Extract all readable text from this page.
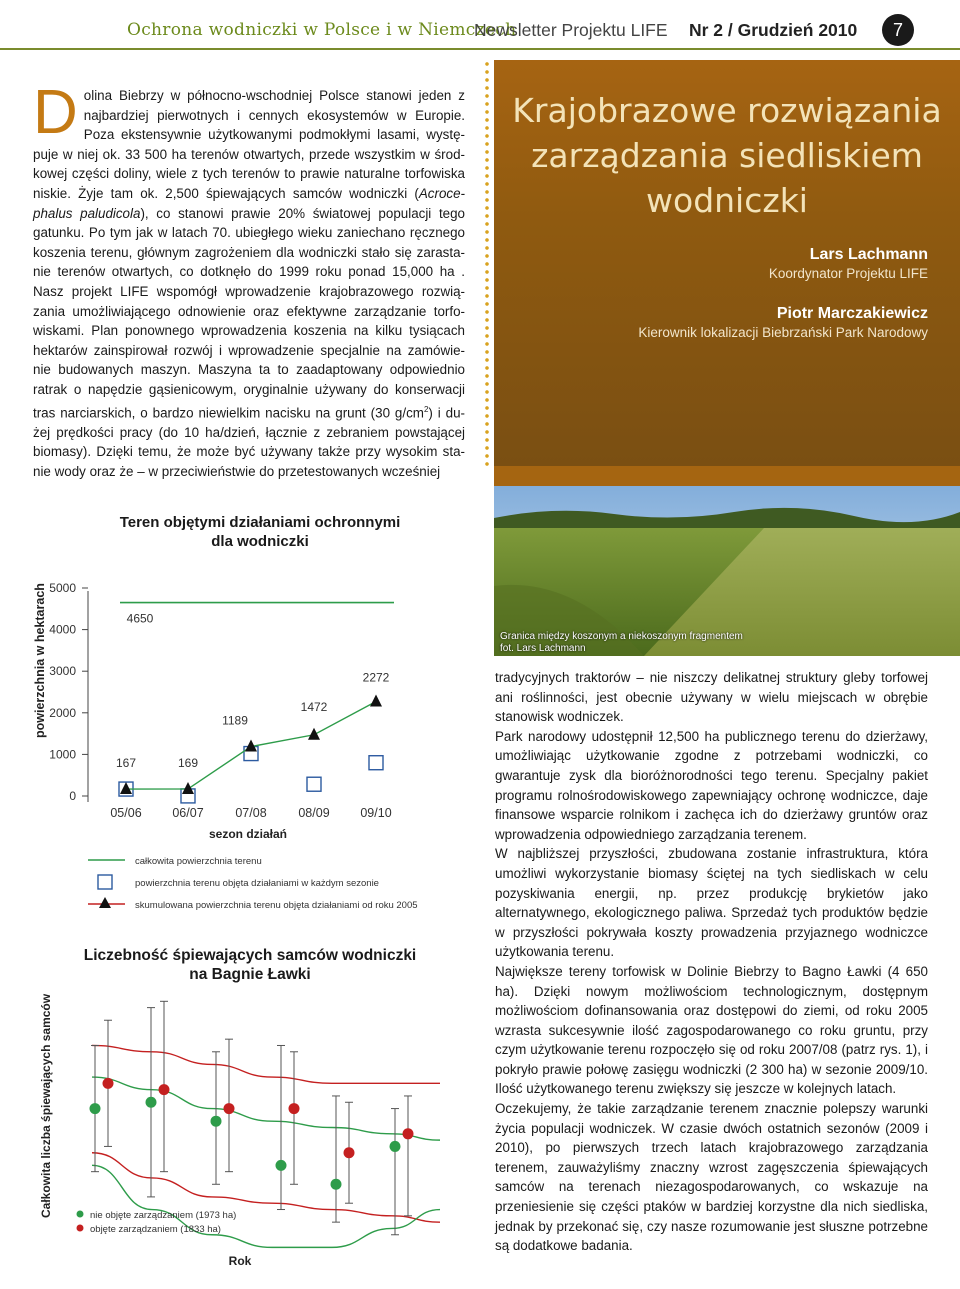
Ochrona wodniczki w Polsce i w Niemczech
Newsletter Projektu LIFE Nr 2 / Grudzień 2010	7
D olina Biebrzy w północno-wschodniej Polsce stanowi jeden z najbardziej pierwotnych i cennych ekosystemów w Europie. Poza ekstensywnie użytkowanymi podmokłymi lasami, wystę- puje w niej ok. 33 500 ha terenów otwartych, przede wszystkim w środ- kowej części doliny, wiele z tych terenów to prawie naturalne torfowiska niskie. Żyje tam ok. 2,500 śpiewających samców wodniczki (Acroce- phalus paludicola), co stanowi prawie 20% światowej populacji tego gatunku. Po tym jak w latach 70. ubiegłego wieku zaniechano ręcznego koszenia terenu, głównym zagrożeniem dla wodniczki stało się zarasta- nie terenów otwartych, co dotknęło do 1999 roku ponad 15,000 ha . Nasz projekt LIFE wspomógł wprowadzenie krajobrazowego rozwią- zania umożliwiającego odnowienie oraz efektywne zarządzanie torfo- wiskami. Plan ponownego wprowadzenia koszenia na kilku tysiącach hektarów zainspirował rozwój i wprowadzenie specjalnie na zamówie- nie budowanych maszyn. Maszyna ta to zaadaptowany odpowiednio ratrak o napędzie gąsienicowym, oryginalnie używany do konserwacji tras narciarskich, o bardzo niewielkim nacisku na grunt (30 $g/cm^2$) i du- żej prędkości pracy (do 10 ha/dzień, łącznie z zebraniem powstającej biomasy). Dzięki temu, że może być używany także przy wysokim sta- nie wody oraz że – w przeciwieństwie do przetestowanych wcześniej
Krajobrazowe rozwiązania
zarządzania siedliskiem
wodniczki
Lars Lachmann
Koordynator Projektu LIFE
Piotr Marczakiewicz
Kierownik lokalizacji Biebrzański Park Narodowy
Granica między koszonym a niekoszonym fragmentem
fot. Lars Lachmann

tradycyjnych traktorów – nie niszczy delikatnej struktury gleby torfowej ani roślinności, jest obecnie używany w wielu miejscach w obrębie stanowisk wodniczek.

Park narodowy udostępnił 12,500 ha publicznego terenu do dzierżawy, umożliwiając użytkowanie zgodne z potrzebami wodniczki, co gwarantuje zysk dla bioróżnorodności tego terenu. Specjalny pakiet programu rolnośrodowiskowego zapewniający ochronę wodniczce, daje finansowe wsparcie rolnikom i zachęca ich do dzierżawy gruntów oraz wprowadzenia odpowiedniego zarządzania terenem.

W najbliższej przyszłości, zbudowana zostanie infrastruktura, która umożliwi wykorzystanie biomasy ściętej na tych siedliskach w celu pozyskiwania energii, np. przez produkcję brykietów jako alternatywnego, ekologicznego paliwa. Sprzedaż tych produktów będzie w przyszłości pokrywała koszty prowadzenia przyjaznego wodniczce użytkowania terenu.

Największe tereny torfowisk w Dolinie Biebrzy to Bagno Ławki (4 650 ha). Dzięki nowym możliwościom technologicznym, dostępnym możliwościom dofinansowania oraz dostępowi do ziemi, od roku 2005 wzrasta sukcesywnie ilość zagospodarowanego co roku gruntu, przy czym użytkowanie terenu rozpoczęło się od roku 2007/08 (patrz rys. 1), i pokryło prawie połowę zasięgu wodniczki (2 300 ha) w sezonie 2009/10. Ilość użytkowanego terenu zwiększy się jeszcze w kolejnych latach.

Oczekujemy, że takie zarządzanie terenem znacznie polepszy warunki życia populacji wodniczek. W czasie dwóch ostatnich sezonów (2009 i 2010), po pierwszych trzech latach krajobrazowego zarządzania terenem, zauważyliśmy znaczny wzrost zagęszczenia śpiewających samców na terenach niezagospodarowanych, co wskazuje na przeniesienie się części ptaków w bardziej korzystne dla nich siedliska, jednak by przekonać się, czy nasze rozumowanie jest słuszne potrzebne są dodatkowe badania.

Teren objętymi działaniami ochronnymi dla wodniczki
0
1000
2000
3000
4000
5000
powierzchnia w hektarach
05/06 06/07	07/08	08/09 09/10
sezon działań
4650
167	169
1189
1472
2272
całkowita powierzchnia terenu
powierzchnia terenu objęta działaniami w każdym sezonie
skumulowana powierzchnia terenu objęta działaniami od roku 2005
Liczebność śpiewających samców wodniczki na Bagnie Ławki
Całkowita liczba śpiewających samców
Rok
nie objęte zarządzaniem (1973 ha)
objęte zarządzaniem (1833 ha)
